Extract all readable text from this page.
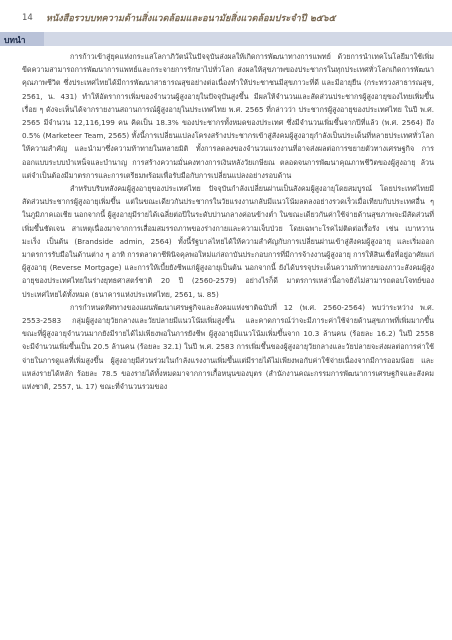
14 หนังสือรวบบทความด้านสิ่งแวดล้อมและอนามัยสิ่งแวดล้อมประจำปี ๒๕๖๕
บทนำ

การก้าวเข้าสู่ยุคแห่งกระแสโลกาภิวัตน์ในปัจจุบันส่งผลให้เกิดการพัฒนาทางการแพทย์ ด้วยการนำเทคโนโลยีมาใช้เพิ่มขีดความสามารถการพัฒนาการแพทย์และกระจายการรักษาไปทั่วโลก ส่งผลให้สุขภาพของประชากรในทุกประเทศทั่วโลกเกิดการพัฒนาคุณภาพชีวิต ซึ่งประเทศไทยได้มีการพัฒนาสาธารณสุขอย่างต่อเนื่องทำให้ประชาชนมีสุขภาวะที่ดี และมีอายุยืน (กระทรวงสาธารณสุข, 2561, น. 431) ทำให้อัตราการเพิ่มของจำนวนผู้สูงอายุในปัจจุบันสูงขึ้น มีผลให้จำนวนและสัดส่วนประชากรผู้สูงอายุของไทยเพิ่มขึ้นเรื่อย ๆ ดังจะเห็นได้จากรายงานสถานการณ์ผู้สูงอายุในประเทศไทย พ.ศ. 2565 ที่กล่าวว่า ประชากรผู้สูงอายุของประเทศไทย ในปี พ.ศ. 2565 มีจำนวน 12,116,199 คน คิดเป็น 18.3% ของประชากรทั้งหมดของประเทศ ซึ่งมีจำนวนเพิ่มขึ้นจากปีที่แล้ว (พ.ศ. 2564) ถึง 0.5% (Marketeer Team, 2565) ทั้งนี้การเปลี่ยนแปลงโครงสร้างประชากรเข้าสู่สังคมผู้สูงอายุกำลังเป็นประเด็นที่หลายประเทศทั่วโลกให้ความสำคัญ และนำมาซึ่งความท้าทายในหลายมิติ ทั้งการลดลงของจำนวนแรงงานที่อาจส่งผลต่อการขยายตัวทางเศรษฐกิจ การออกแบบระบบบำเหน็จและบำนาญ การสร้างความมั่นคงทางการเงินหลังวัยเกษียณ ตลอดจนการพัฒนาคุณภาพชีวิตของผู้สูงอายุ ล้วนแต่จำเป็นต้องมีมาตรการและการเตรียมพร้อมเพื่อรับมือกับการเปลี่ยนแปลงอย่างรอบด้าน

สำหรับบริบทสังคมผู้สูงอายุของประเทศไทย ปัจจุบันกำลังเปลี่ยนผ่านเป็นสังคมผู้สูงอายุโดยสมบูรณ์ โดยประเทศไทยมีสัดส่วนประชากรผู้สูงอายุเพิ่มขึ้น แต่ในขณะเดียวกันประชากรในวัยแรงงานกลับมีแนวโน้มลดลงอย่างรวดเร็วเมื่อเทียบกับประเทศอื่น ๆ ในภูมิภาคเอเชีย นอกจากนี้ ผู้สูงอายุมีรายได้เฉลี่ยต่อปีในระดับปานกลางค่อนข้างต่ำ ในขณะเดียวกันค่าใช้จ่ายด้านสุขภาพจะมีสัดส่วนที่เพิ่มขึ้นชัดเจน สาเหตุเนื่องมาจากการเสื่อมสมรรถภาพของร่างกายและความเจ็บป่วย โดยเฉพาะโรคไม่ติดต่อเรื้อรัง เช่น เบาหวาน มะเร็ง เป็นต้น (Brandside admin, 2564) ทั้งนี้รัฐบาลไทยได้ให้ความสำคัญกับการเปลี่ยนผ่านเข้าสู่สังคมผู้สูงอายุ และเริ่มออกมาตรการรับมือในด้านต่าง ๆ อาทิ การตลาดาชีพินิจคุลพอใหม่แก่สถาบันประกอบการที่มีการจ้างงานผู้สูงอายุ การให้สินเชื่อที่อยู่อาศัยแก่ผู้สูงอายุ (Reverse Mortgage) และการให้เบี้ยยังชีพแก่ผู้สูงอายุเป็นต้น นอกจากนี้ ยังได้บรรจุประเด็นความท้าทายของภาวะสังคมผู้สูงอายุของประเทศไทยในร่างยุทธศาสตร์ชาติ 20 ปี (2560-2579) อย่างไรก็ดี มาตรการเหล่านี้อาจยังไม่สามารถตอบโจทย์ของประเทศไทยได้ทั้งหมด (ธนาคารแห่งประเทศไทย, 2561, น. 85)

การกำหนดทิศทางของแผนพัฒนาเศรษฐกิจและสังคมแห่งชาติฉบับที่ 12 (พ.ศ. 2560-2564) พบว่าระหว่าง พ.ศ. 2553-2583 กลุ่มผู้สูงอายุวัยกลางและวัยปลายมีแนวโน้มเพิ่มสูงขึ้น และคาดการณ์ว่าจะมีภาระค่าใช้จ่ายด้านสุขภาพที่เพิ่มมากขึ้น ขณะที่ผู้สูงอายุจำนวนมากยังมีรายได้ไม่เพียงพอในการยังชีพ ผู้สูงอายุมีแนวโน้มเพิ่มขึ้นจาก 10.3 ล้านคน (ร้อยละ 16.2) ในปี 2558 จะมีจำนวนเพิ่มขึ้นเป็น 20.5 ล้านคน (ร้อยละ 32.1) ในปี พ.ศ. 2583 การเพิ่มขึ้นของผู้สูงอายุวัยกลางและวัยปลายจะส่งผลต่อการค่าใช้จ่ายในการดูแลที่เพิ่มสูงขึ้น ผู้สูงอายุมีส่วนร่วมในกำลังแรงงานเพิ่มขึ้นแต่มีรายได้ไม่เพียงพอกับค่าใช้จ่ายเนื่องจากมีการออมน้อย และแหล่งรายได้หลัก ร้อยละ 78.5 ของรายได้ทั้งหมดมาจากการเกื้อหนุนของบุตร (สำนักงานคณะกรรมการพัฒนาการเศรษฐกิจและสังคมแห่งชาติ, 2557, น. 17) ขณะที่จำนวนรวมของ
